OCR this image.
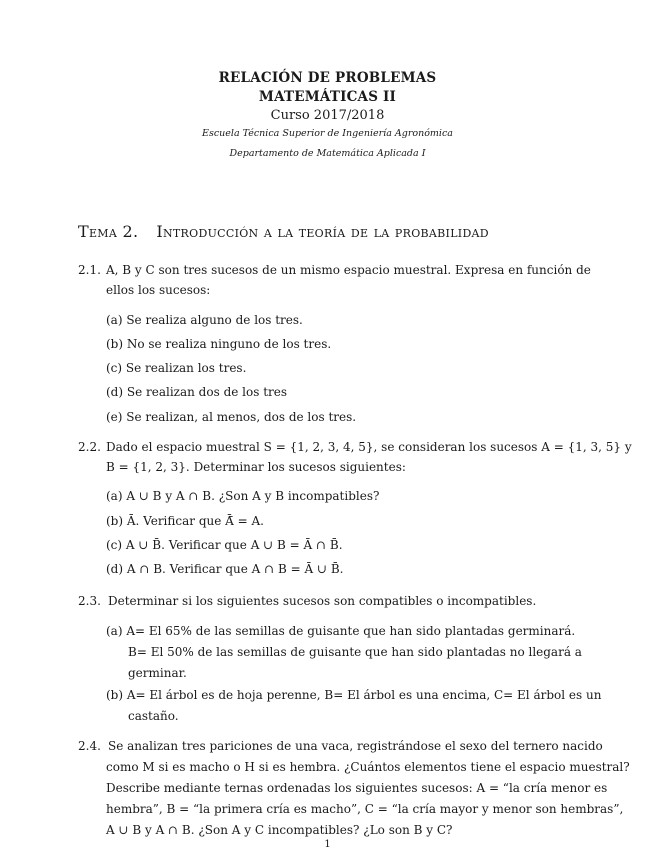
RELACIÓN DE PROBLEMAS
MATEMÁTICAS II
Curso 2017/2018
Escuela Técnica Superior de Ingeniería Agronómica
Departamento de Matemática Aplicada I
Tema 2. Introducción a la teoría de la probabilidad
2.1. A, B y C son tres sucesos de un mismo espacio muestral. Expresa en función de
ellos los sucesos:
(a) Se realiza alguno de los tres.
(b) No se realiza ninguno de los tres.
(c) Se realizan los tres.
(d) Se realizan dos de los tres
(e) Se realizan, al menos, dos de los tres.
2.2. Dado el espacio muestral S = {1, 2, 3, 4, 5}, se consideran los sucesos A = {1, 3, 5} y
B = {1, 2, 3}. Determinar los sucesos siguientes:
(a) A ∪ B y A ∩ B. ¿Son A y B incompatibles?
(b) Ā. Verificar que Ā̄ = A.
(c) A ∪ B̄. Verificar que A ∪ B = Ā ∩ B̄.
(d) A ∩ B. Verificar que A ∩ B = Ā ∪ B̄.
2.3. Determinar si los siguientes sucesos son compatibles o incompatibles.
(a) A= El 65% de las semillas de guisante que han sido plantadas germinará.
B= El 50% de las semillas de guisante que han sido plantadas no llegará a
germinar.
(b) A= El árbol es de hoja perenne, B= El árbol es una encima, C= El árbol es un
castaño.
2.4. Se analizan tres pariciones de una vaca, registrándose el sexo del ternero nacido
como M si es macho o H si es hembra. ¿Cuántos elementos tiene el espacio muestral?
Describe mediante ternas ordenadas los siguientes sucesos: A = “la cría menor es
hembra”, B = “la primera cría es macho”, C = “la cría mayor y menor son hembras”,
A ∪ B y A ∩ B. ¿Son A y C incompatibles? ¿Lo son B y C?
1
